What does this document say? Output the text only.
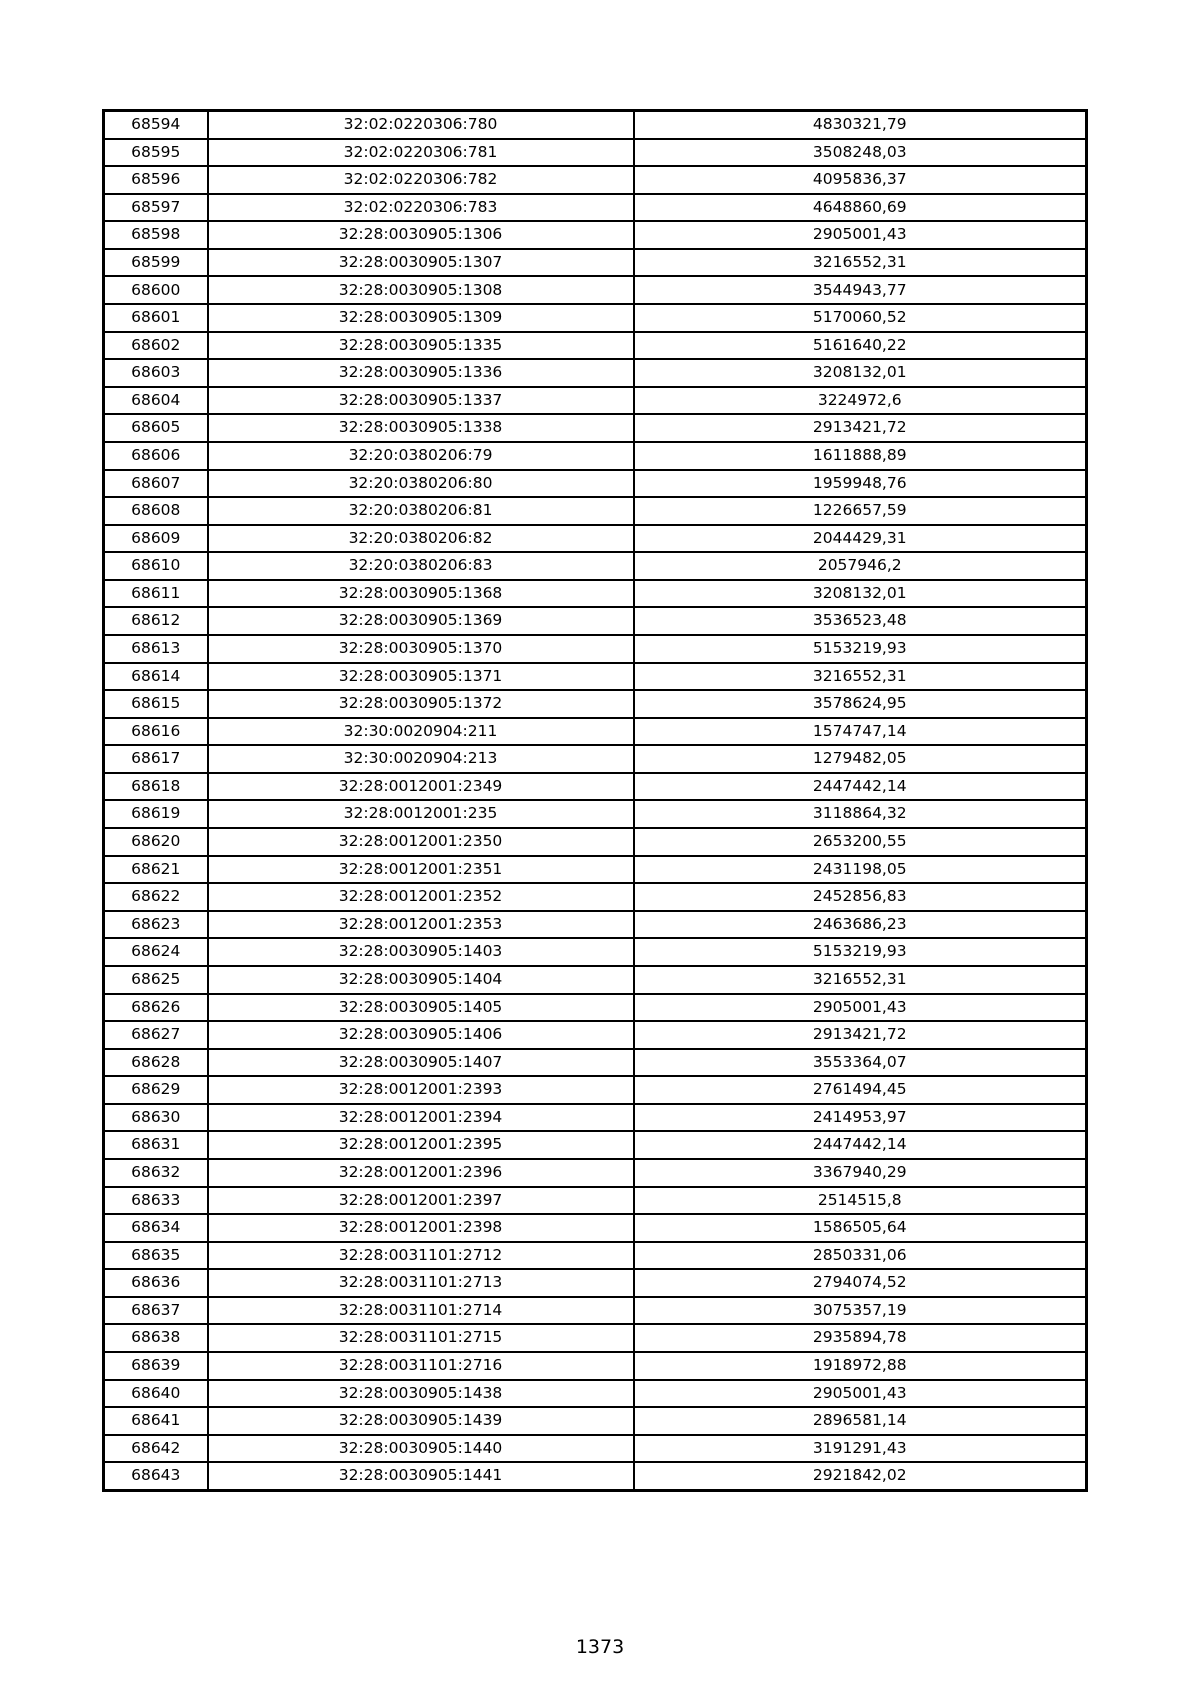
68594	32:02:0220306:780	4830321,79
68595	32:02:0220306:781	3508248,03
68596	32:02:0220306:782	4095836,37
68597	32:02:0220306:783	4648860,69
68598	32:28:0030905:1306	2905001,43
68599	32:28:0030905:1307	3216552,31
68600	32:28:0030905:1308	3544943,77
68601	32:28:0030905:1309	5170060,52
68602	32:28:0030905:1335	5161640,22
68603	32:28:0030905:1336	3208132,01
68604	32:28:0030905:1337	3224972,6
68605	32:28:0030905:1338	2913421,72
68606	32:20:0380206:79	1611888,89
68607	32:20:0380206:80	1959948,76
68608	32:20:0380206:81	1226657,59
68609	32:20:0380206:82	2044429,31
68610	32:20:0380206:83	2057946,2
68611	32:28:0030905:1368	3208132,01
68612	32:28:0030905:1369	3536523,48
68613	32:28:0030905:1370	5153219,93
68614	32:28:0030905:1371	3216552,31
68615	32:28:0030905:1372	3578624,95
68616	32:30:0020904:211	1574747,14
68617	32:30:0020904:213	1279482,05
68618	32:28:0012001:2349	2447442,14
68619	32:28:0012001:235	3118864,32
68620	32:28:0012001:2350	2653200,55
68621	32:28:0012001:2351	2431198,05
68622	32:28:0012001:2352	2452856,83
68623	32:28:0012001:2353	2463686,23
68624	32:28:0030905:1403	5153219,93
68625	32:28:0030905:1404	3216552,31
68626	32:28:0030905:1405	2905001,43
68627	32:28:0030905:1406	2913421,72
68628	32:28:0030905:1407	3553364,07
68629	32:28:0012001:2393	2761494,45
68630	32:28:0012001:2394	2414953,97
68631	32:28:0012001:2395	2447442,14
68632	32:28:0012001:2396	3367940,29
68633	32:28:0012001:2397	2514515,8
68634	32:28:0012001:2398	1586505,64
68635	32:28:0031101:2712	2850331,06
68636	32:28:0031101:2713	2794074,52
68637	32:28:0031101:2714	3075357,19
68638	32:28:0031101:2715	2935894,78
68639	32:28:0031101:2716	1918972,88
68640	32:28:0030905:1438	2905001,43
68641	32:28:0030905:1439	2896581,14
68642	32:28:0030905:1440	3191291,43
68643	32:28:0030905:1441	2921842,02
1373
